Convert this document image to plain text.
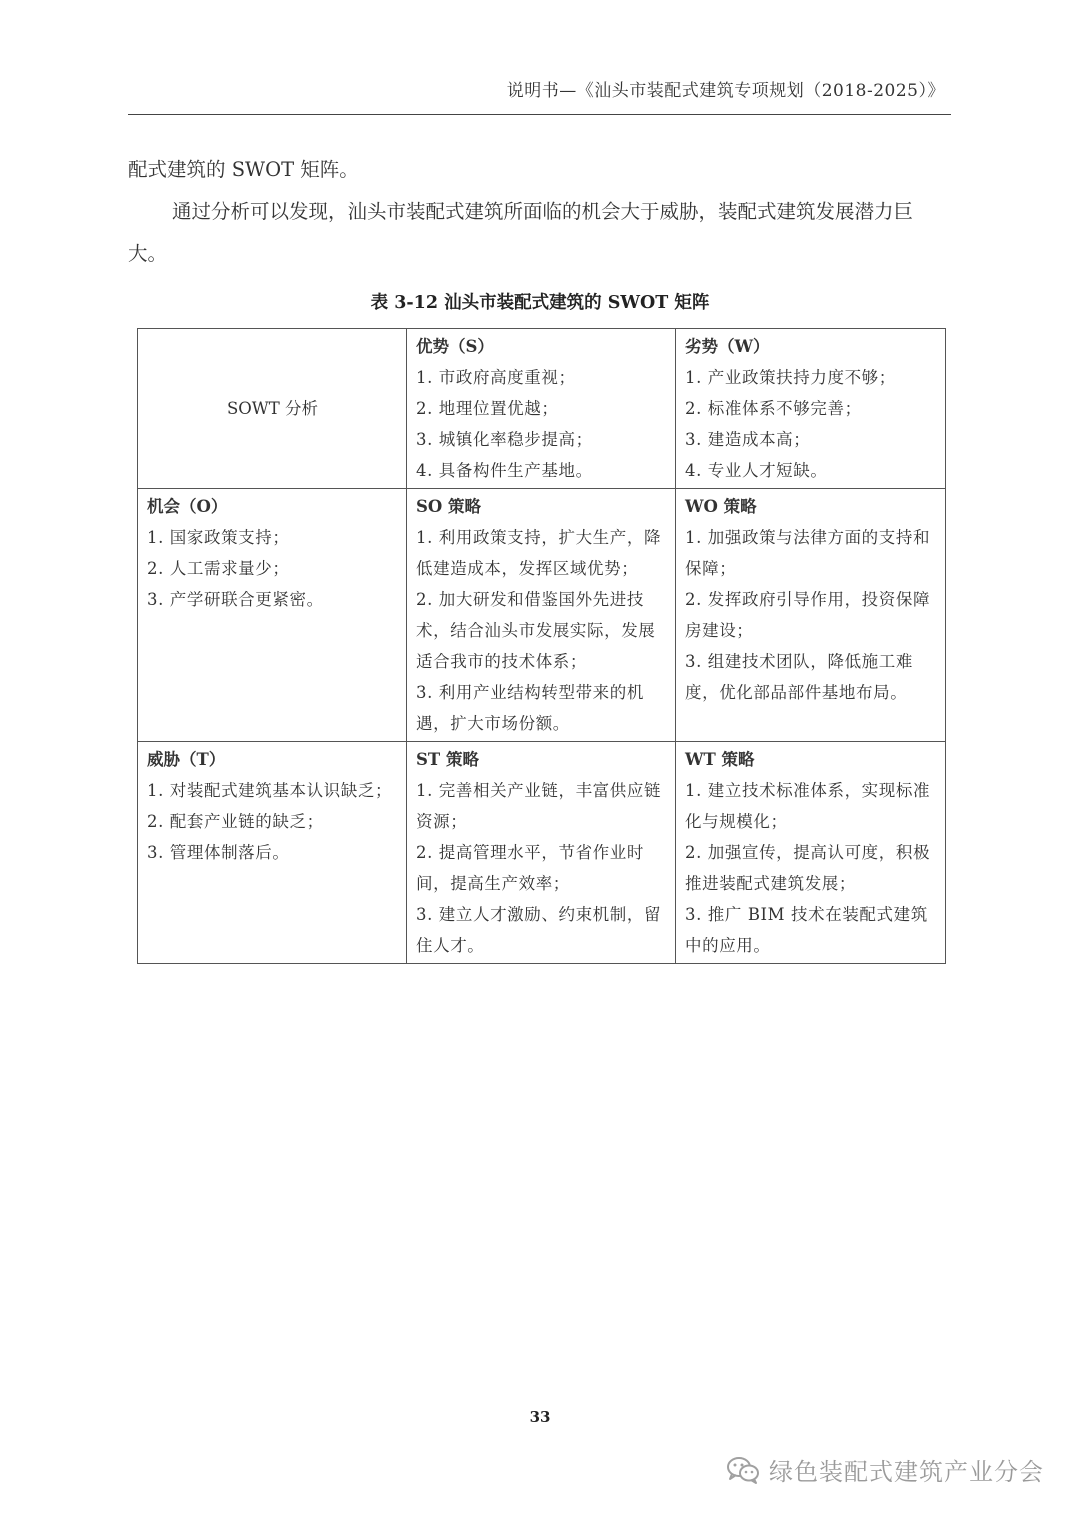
说明书—《汕头市装配式建筑专项规划（2018-2025）》

配式建筑的 SWOT 矩阵。

通过分析可以发现，汕头市装配式建筑所面临的机会大于威胁，装配式建筑发展潜力巨大。

表 3-12 汕头市装配式建筑的 SWOT 矩阵
SOWT 分析	优势（S）
1. 市政府高度重视；
2. 地理位置优越；
3. 城镇化率稳步提高；
4. 具备构件生产基地。	劣势（W）
1. 产业政策扶持力度不够；
2. 标准体系不够完善；
3. 建造成本高；
4. 专业人才短缺。

机会（O）
1. 国家政策支持；
2. 人工需求量少；
3. 产学研联合更紧密。	SO 策略
1. 利用政策支持，扩大生产，降低建造成本，发挥区域优势；
2. 加大研发和借鉴国外先进技术，结合汕头市发展实际，发展适合我市的技术体系；
3. 利用产业结构转型带来的机遇，扩大市场份额。	WO 策略
1. 加强政策与法律方面的支持和保障；
2. 发挥政府引导作用，投资保障房建设；
3. 组建技术团队，降低施工难度，优化部品部件基地布局。

威胁（T）
1. 对装配式建筑基本认识缺乏；
2. 配套产业链的缺乏；
3. 管理体制落后。	ST 策略
1. 完善相关产业链，丰富供应链资源；
2. 提高管理水平，节省作业时间，提高生产效率；
3. 建立人才激励、约束机制，留住人才。	WT 策略
1. 建立技术标准体系，实现标准化与规模化；
2. 加强宣传，提高认可度，积极推进装配式建筑发展；
3. 推广 BIM 技术在装配式建筑中的应用。
33
绿色装配式建筑产业分会
